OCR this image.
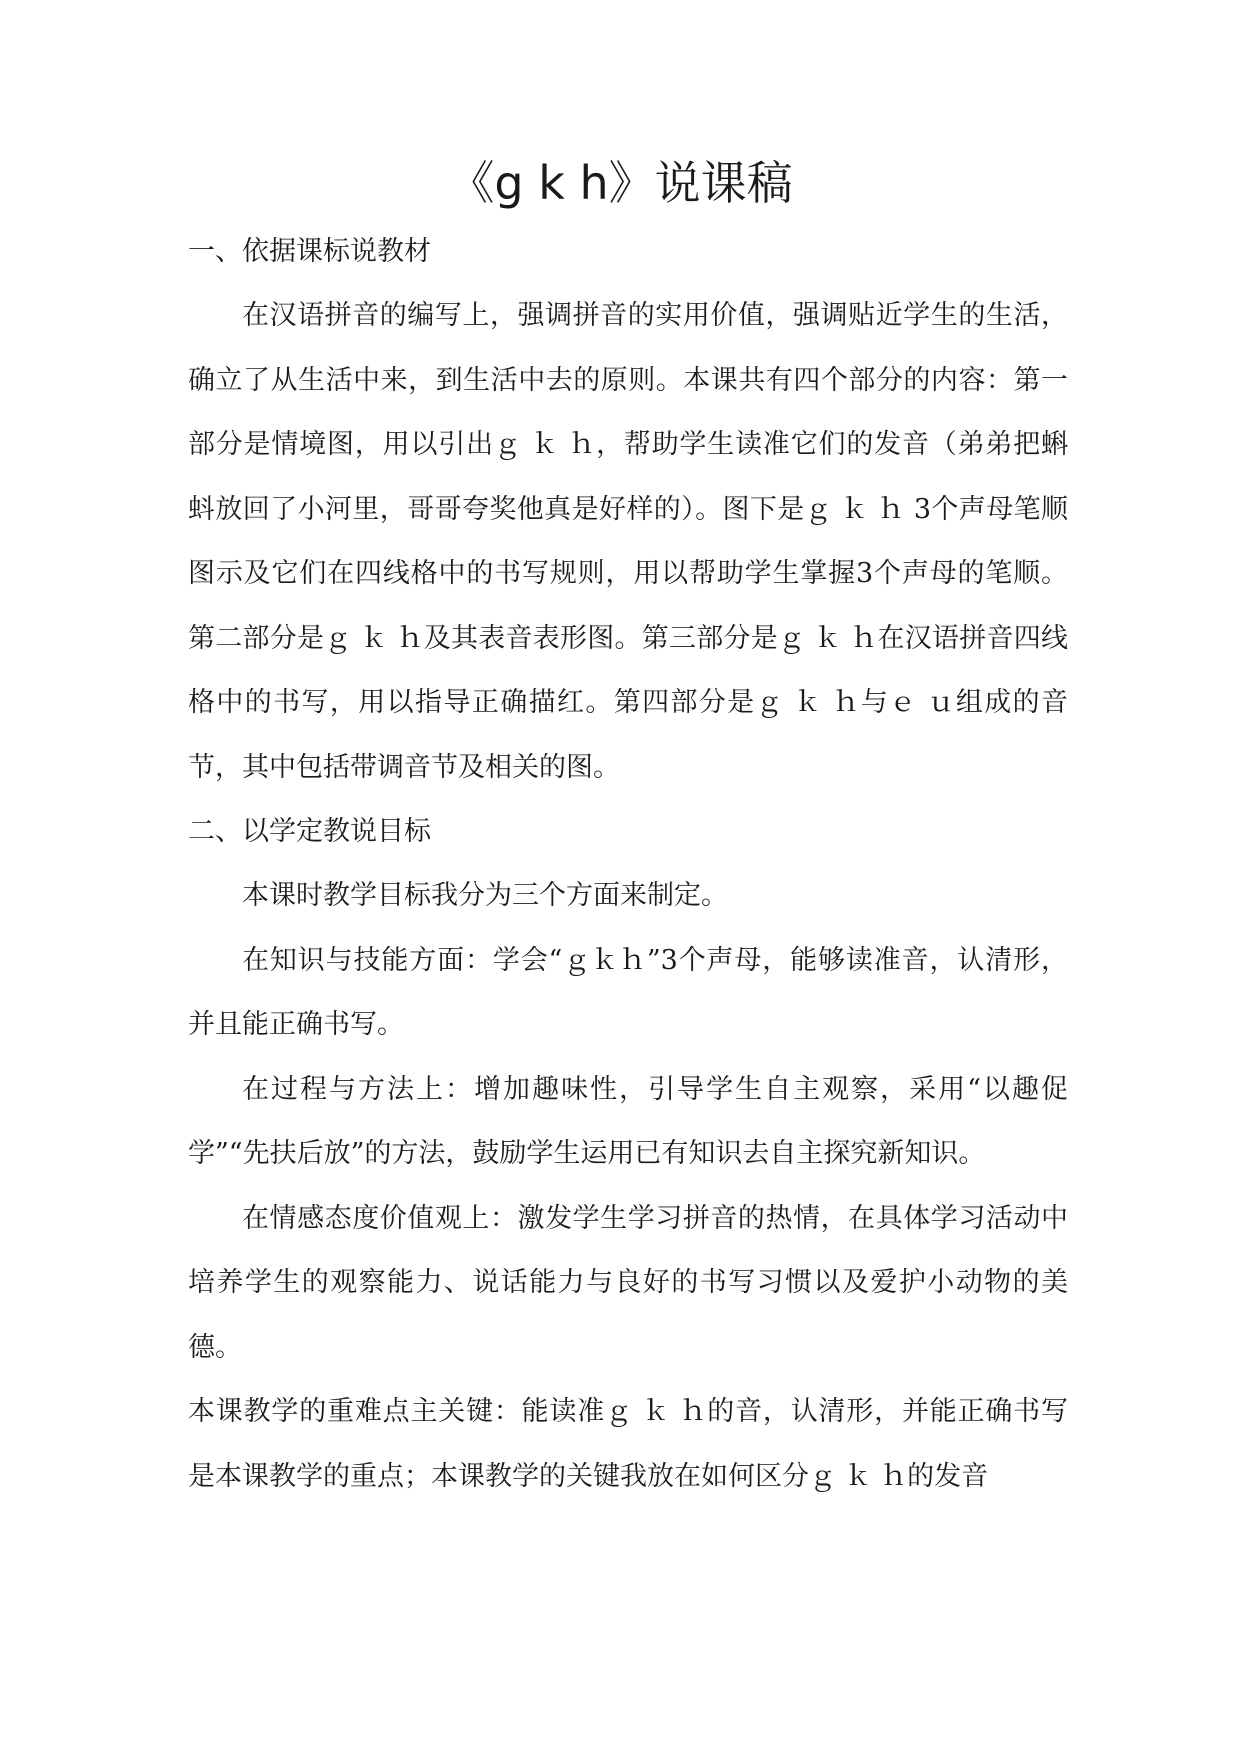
《g k h》说课稿
一、依据课标说教材

在汉语拼音的编写上，强调拼音的实用价值，强调贴近学生的生活，确立了从生活中来，到生活中去的原则。本课共有四个部分的内容：第一部分是情境图，用以引出ｇ ｋ ｈ，帮助学生读准它们的发音（弟弟把蝌蚪放回了小河里，哥哥夸奖他真是好样的）。图下是ｇ ｋ ｈ 3个声母笔顺图示及它们在四线格中的书写规则，用以帮助学生掌握3个声母的笔顺。第二部分是ｇ ｋ ｈ及其表音表形图。第三部分是ｇ ｋ ｈ在汉语拼音四线格中的书写，用以指导正确描红。第四部分是ｇ ｋ ｈ与ｅ ｕ组成的音节，其中包括带调音节及相关的图。

二、以学定教说目标

本课时教学目标我分为三个方面来制定。

在知识与技能方面：学会“ｇｋｈ”3个声母，能够读准音，认清形，并且能正确书写。

在过程与方法上：增加趣味性，引导学生自主观察，采用“以趣促学”“先扶后放”的方法，鼓励学生运用已有知识去自主探究新知识。

在情感态度价值观上：激发学生学习拼音的热情，在具体学习活动中培养学生的观察能力、说话能力与良好的书写习惯以及爱护小动物的美德。

本课教学的重难点主关键：能读准ｇ ｋ ｈ的音，认清形，并能正确书写是本课教学的重点；本课教学的关键我放在如何区分ｇ ｋ ｈ的发音
